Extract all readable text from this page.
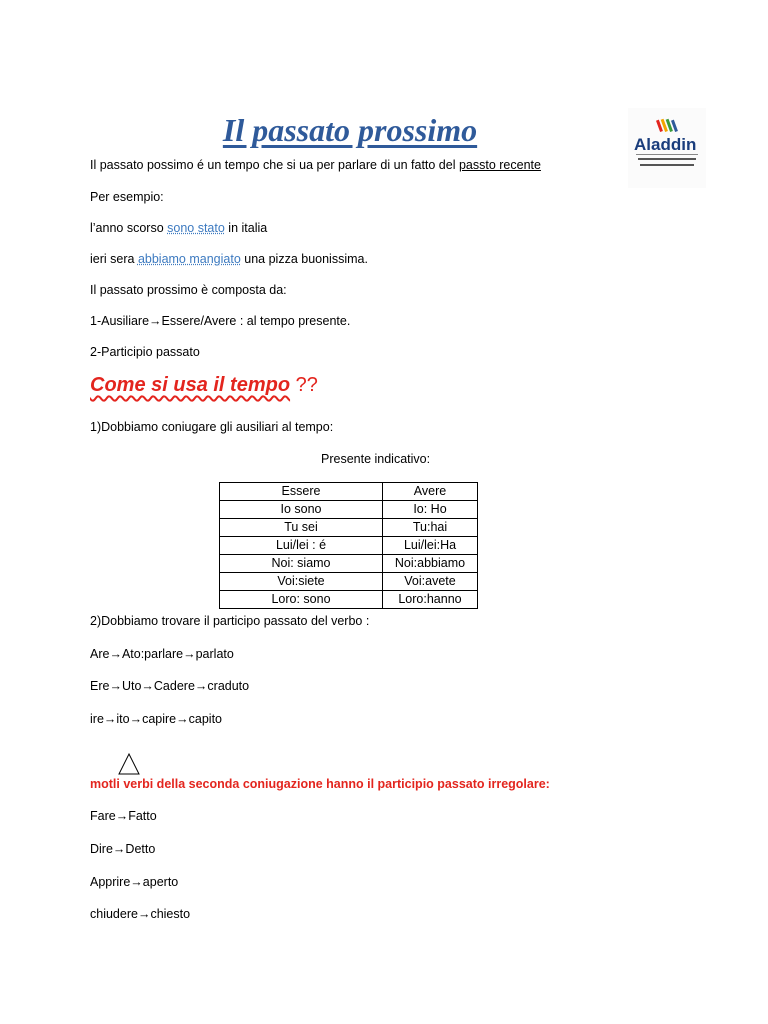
Il passato prossimo	Aladdin
Il passato possimo é un tempo che si ua per parlare di un fatto del passto recente
Per esempio:
l’anno scorso sono stato in italia
ieri sera abbiamo mangiato una pizza buonissima.
Il passato prossimo è composta da:
1-Ausiliare→Essere/Avere : al tempo presente.
2-Participio passato
Come si usa il tempo ??
1)Dobbiamo coniugare gli ausiliari al tempo:
Presente indicativo:
Essere	Avere
Io sono	Io: Ho
Tu sei	Tu:hai
Lui/lei : é	Lui/lei:Ha
Noi: siamo	Noi:abbiamo
Voi:siete	Voi:avete
Loro: sono	Loro:hanno
2)Dobbiamo trovare il participo passato del verbo :
Are→Ato:parlare→parlato
Ere→Uto→Cadere→craduto
ire→ito→capire→capito
motli verbi della seconda coniugazione hanno il participio passato irregolare:
Fare→Fatto
Dire→Detto
Apprire→aperto
chiudere→chiesto
